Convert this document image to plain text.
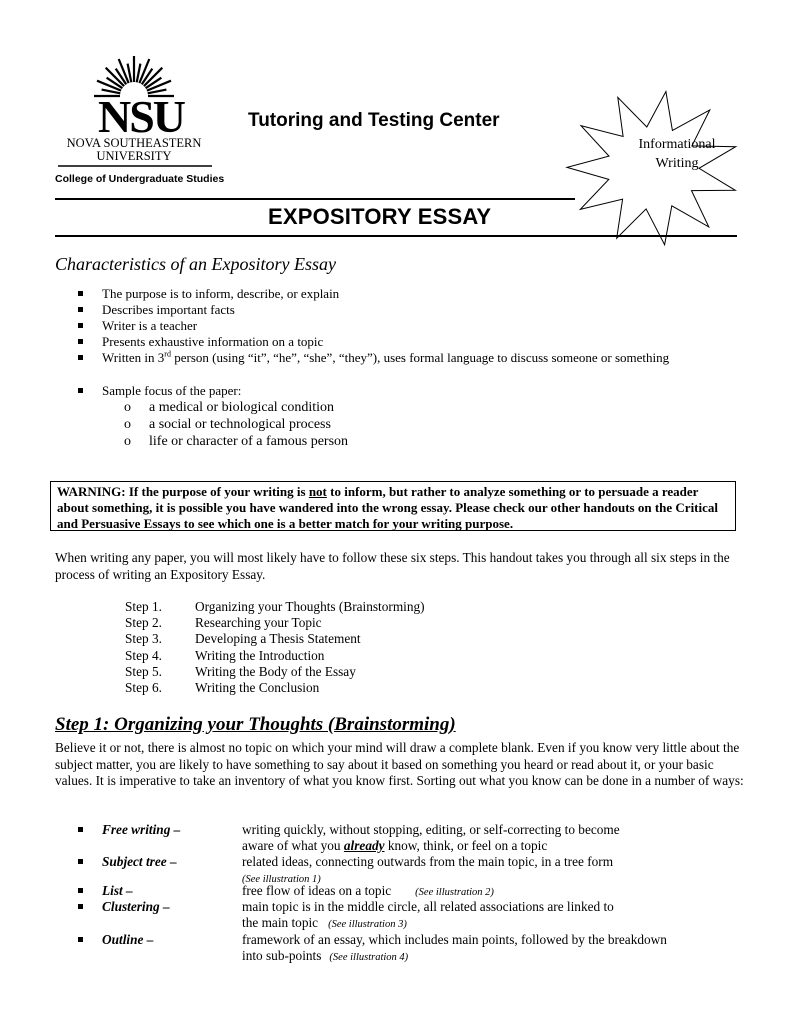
NSU
NOVA SOUTHEASTERN
UNIVERSITY
College of Undergraduate Studies
Tutoring and Testing Center
Informational
Writing
EXPOSITORY ESSAY
Characteristics of an Expository Essay
The purpose is to inform, describe, or explain
Describes important facts
Writer is a teacher
Presents exhaustive information on a topic
Written in 3rd person (using “it”, “he”, “she”, “they”), uses formal language to discuss someone or something
Sample focus of the paper:
o a medical or biological condition
o a social or technological process
o life or character of a famous person
WARNING: If the purpose of your writing is not to inform, but rather to analyze something or to persuade a reader about something, it is possible you have wandered into the wrong essay. Please check our other handouts on the Critical and Persuasive Essays to see which one is a better match for your writing purpose.
When writing any paper, you will most likely have to follow these six steps. This handout takes you through all six steps in the process of writing an Expository Essay.
Step 1. Organizing your Thoughts (Brainstorming)
Step 2. Researching your Topic
Step 3. Developing a Thesis Statement
Step 4. Writing the Introduction
Step 5. Writing the Body of the Essay
Step 6. Writing the Conclusion
Step 1: Organizing your Thoughts (Brainstorming)
Believe it or not, there is almost no topic on which your mind will draw a complete blank. Even if you know very little about the subject matter, you are likely to have something to say about it based on something you heard or read about it, or your basic values. It is imperative to take an inventory of what you know first. Sorting out what you know can be done in a number of ways:
Free writing –	writing quickly, without stopping, editing, or self-correcting to become
aware of what you already know, think, or feel on a topic
Subject tree –	related ideas, connecting outwards from the main topic, in a tree form
(See illustration 1)
List –	free flow of ideas on a topic (See illustration 2)
Clustering –	main topic is in the middle circle, all related associations are linked to
the main topic (See illustration 3)
Outline –	framework of an essay, which includes main points, followed by the breakdown
into sub-points (See illustration 4)
